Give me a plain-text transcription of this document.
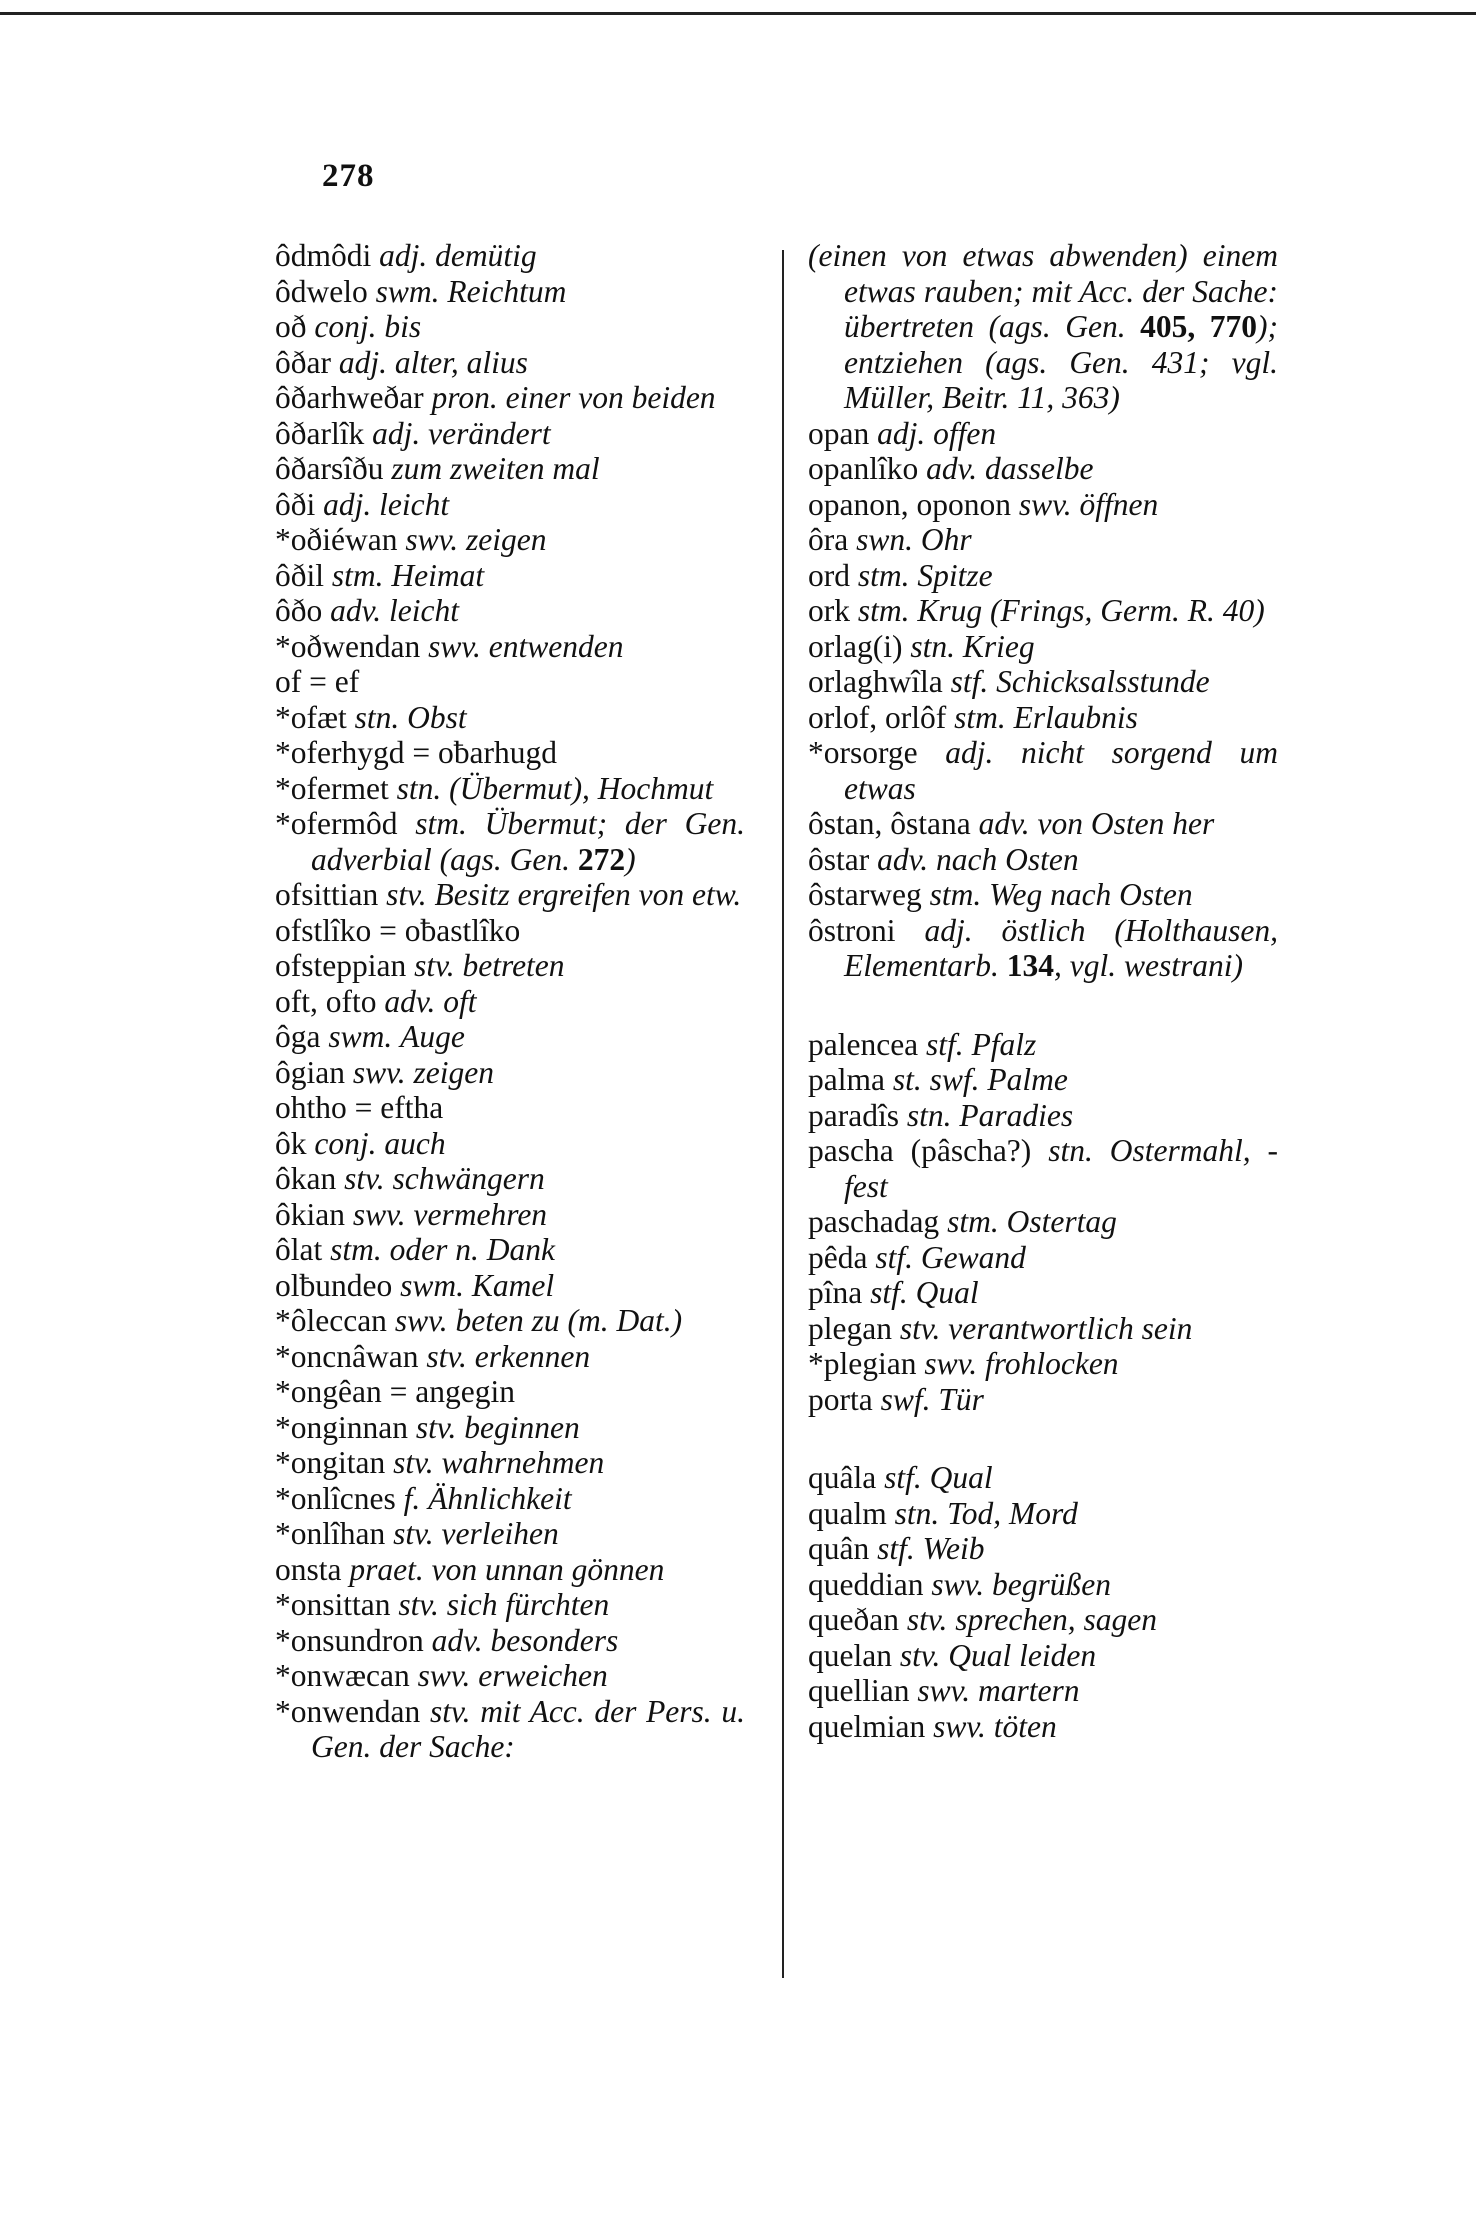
278
ôdmôdi adj. demütig
ôdwelo swm. Reichtum
oð conj. bis
ôðar adj. alter, alius
ôðarhweðar pron. einer von beiden
ôðarlîk adj. verändert
ôðarsîðu zum zweiten mal
ôði adj. leicht
*oðiéwan swv. zeigen
ôðil stm. Heimat
ôðo adv. leicht
*oðwendan swv. entwenden
of = ef
*ofæt stn. Obst
*oferhygd = oƀarhugd
*ofermet stn. (Übermut), Hochmut
*ofermôd stm. Übermut; der Gen. adverbial (ags. Gen. 272)
ofsittian stv. Besitz ergreifen von etw.
ofstlîko = oƀastlîko
ofsteppian stv. betreten
oft, ofto adv. oft
ôga swm. Auge
ôgian swv. zeigen
ohtho = eftha
ôk conj. auch
ôkan stv. schwängern
ôkian swv. vermehren
ôlat stm. oder n. Dank
olƀundeo swm. Kamel
*ôleccan swv. beten zu (m. Dat.)
*oncnâwan stv. erkennen
*ongêan = angegin
*onginnan stv. beginnen
*ongitan stv. wahrnehmen
*onlîcnes f. Ähnlichkeit
*onlîhan stv. verleihen
onsta praet. von unnan gönnen
*onsittan stv. sich fürchten
*onsundron adv. besonders
*onwæcan swv. erweichen
*onwendan stv. mit Acc. der Pers. u. Gen. der Sache:
(einen von etwas abwenden) einem etwas rauben; mit Acc. der Sache: übertreten (ags. Gen. 405, 770); entziehen (ags. Gen. 431; vgl. Müller, Beitr. 11, 363)
opan adj. offen
opanlîko adv. dasselbe
opanon, oponon swv. öffnen
ôra swn. Ohr
ord stm. Spitze
ork stm. Krug (Frings, Germ. R. 40)
orlag(i) stn. Krieg
orlaghwîla stf. Schicksalsstunde
orlof, orlôf stm. Erlaubnis
*orsorge adj. nicht sorgend um etwas
ôstan, ôstana adv. von Osten her
ôstar adv. nach Osten
ôstarweg stm. Weg nach Osten
ôstroni adj. östlich (Holthausen, Elementarb. 134, vgl. westrani)
palencea stf. Pfalz
palma st. swf. Palme
paradîs stn. Paradies
pascha (pâscha?) stn. Ostermahl, -fest
paschadag stm. Ostertag
pêda stf. Gewand
pîna stf. Qual
plegan stv. verantwortlich sein
*plegian swv. frohlocken
porta swf. Tür
quâla stf. Qual
qualm stn. Tod, Mord
quân stf. Weib
queddian swv. begrüßen
queðan stv. sprechen, sagen
quelan stv. Qual leiden
quellian swv. martern
quelmian swv. töten
